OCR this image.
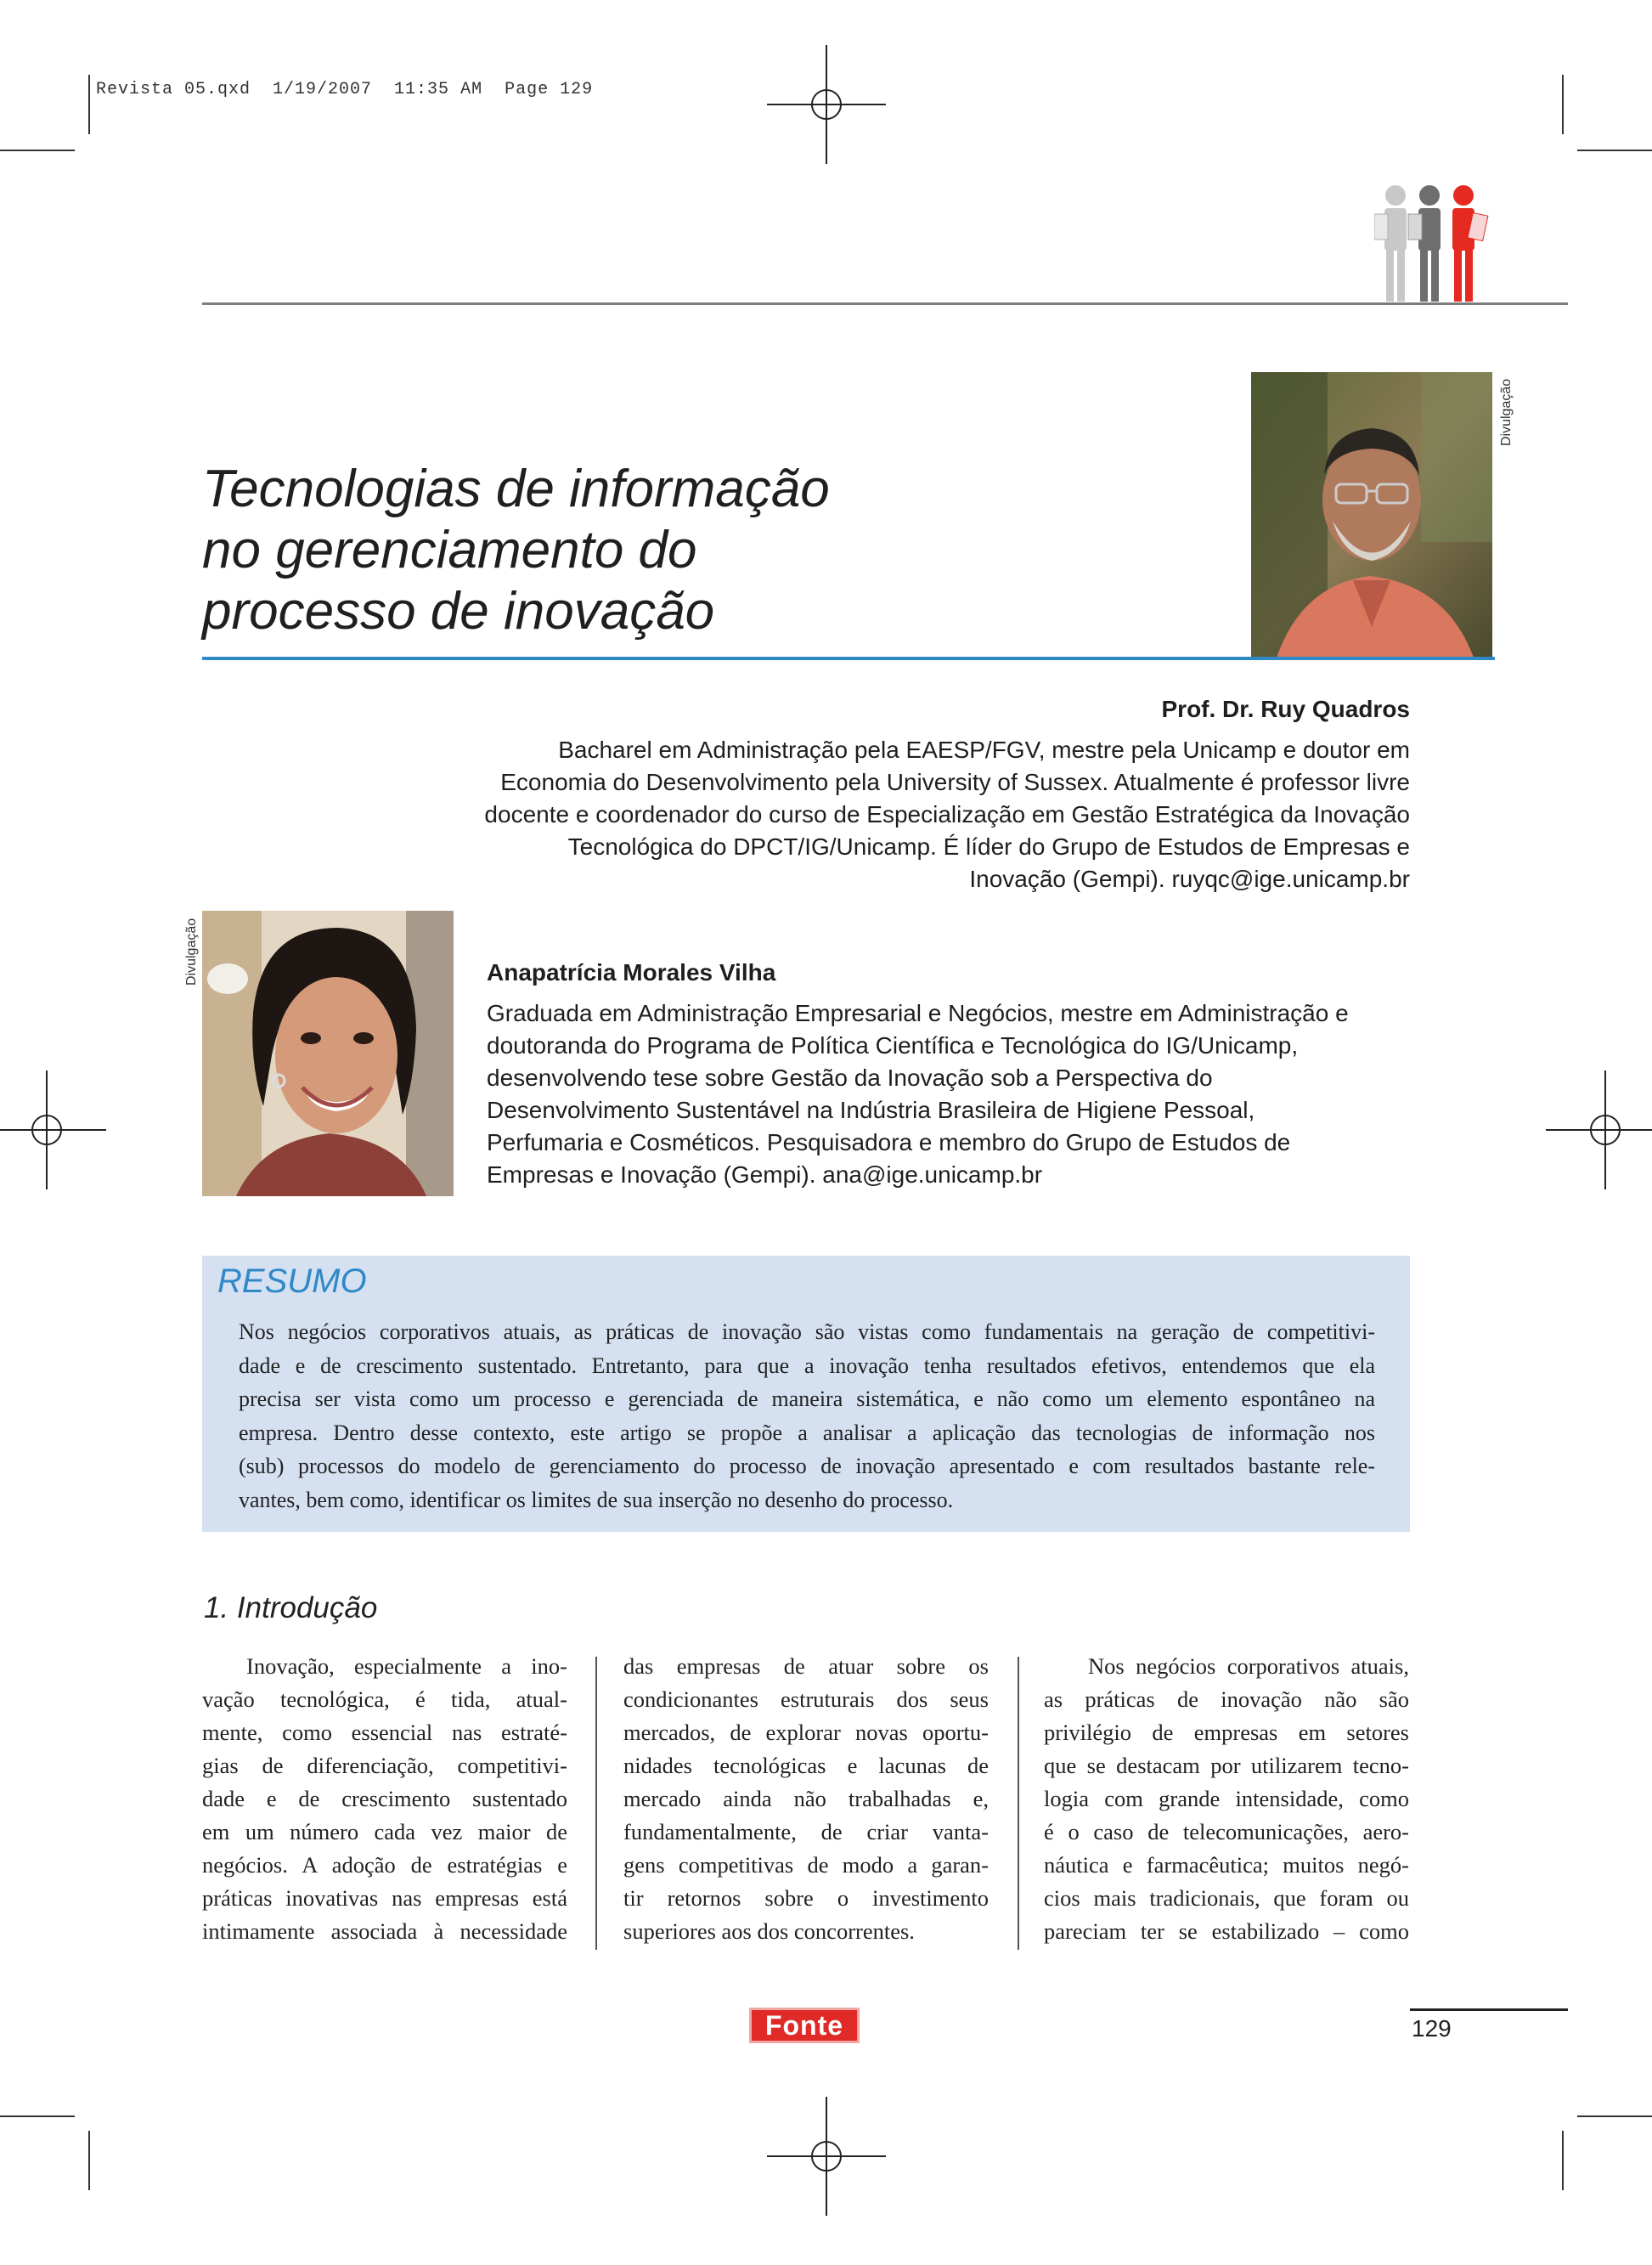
Revista 05.qxd  1/19/2007  11:35 AM  Page 129
Tecnologias de informação
no gerenciamento do
processo de inovação
Divulgação
Prof. Dr. Ruy Quadros
Bacharel em Administração pela EAESP/FGV, mestre pela Unicamp e doutor em
Economia do Desenvolvimento pela University of Sussex. Atualmente é professor livre
docente e coordenador do curso de Especialização em Gestão Estratégica da Inovação
Tecnológica do DPCT/IG/Unicamp. É líder do Grupo de Estudos de Empresas e
Inovação (Gempi). ruyqc@ige.unicamp.br
Divulgação	Anapatrícia Morales Vilha
Graduada em Administração Empresarial e Negócios, mestre em Administração e
doutoranda do Programa de Política Científica e Tecnológica do IG/Unicamp,
desenvolvendo tese sobre Gestão da Inovação sob a Perspectiva do
Desenvolvimento Sustentável na Indústria Brasileira de Higiene Pessoal,
Perfumaria e Cosméticos. Pesquisadora e membro do Grupo de Estudos de
Empresas e Inovação (Gempi). ana@ige.unicamp.br
RESUMO

Nos negócios corporativos atuais, as práticas de inovação são vistas como fundamentais na geração de competitivi-
dade e de crescimento sustentado. Entretanto, para que a inovação tenha resultados efetivos, entendemos que ela
precisa ser vista como um processo e gerenciada de maneira sistemática, e não como um elemento espontâneo na
empresa. Dentro desse contexto, este artigo se propõe a analisar a aplicação das tecnologias de informação nos
(sub) processos do modelo de gerenciamento do processo de inovação apresentado e com resultados bastante rele-
vantes, bem como, identificar os limites de sua inserção no desenho do processo.

1. Introdução
Inovação, especialmente a ino-
vação tecnológica, é tida, atual-
mente, como essencial nas estraté-
gias de diferenciação, competitivi-
dade e de crescimento sustentado
em um número cada vez maior de
negócios. A adoção de estratégias e
práticas inovativas nas empresas está
intimamente associada à necessidade
das empresas de atuar sobre os
condicionantes estruturais dos seus
mercados, de explorar novas oportu-
nidades tecnológicas e lacunas de
mercado ainda não trabalhadas e,
fundamentalmente, de criar vanta-
gens competitivas de modo a garan-
tir retornos sobre o investimento
superiores aos dos concorrentes.
Nos negócios corporativos atuais,
as práticas de inovação não são
privilégio de empresas em setores
que se destacam por utilizarem tecno-
logia com grande intensidade, como
é o caso de telecomunicações, aero-
náutica e farmacêutica; muitos negó-
cios mais tradicionais, que foram ou
pareciam ter se estabilizado – como
Fonte	129
